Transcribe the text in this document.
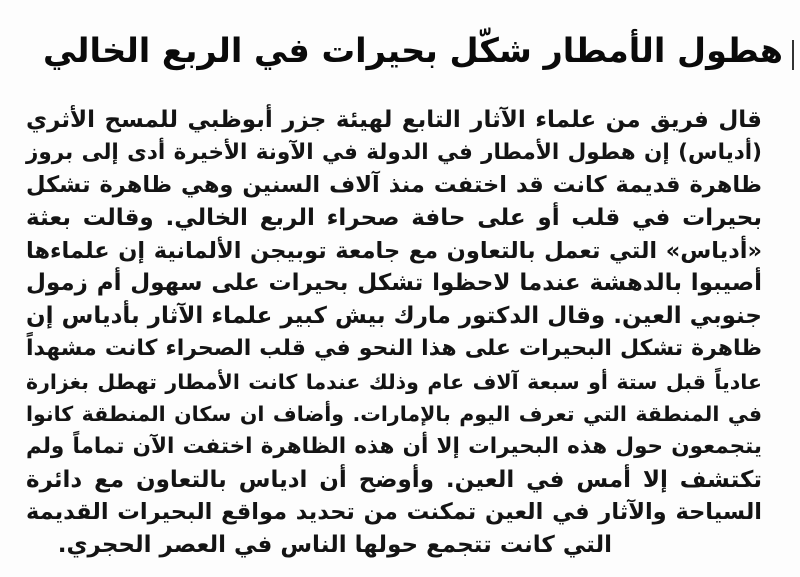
هطول الأمطار شكّل بحيرات في الربع الخالي
قال فريق من علماء الآثار التابع لهيئة جزر أبوظبي للمسح الأثري
(أدياس) إن هطول الأمطار في الدولة في الآونة الأخيرة أدى إلى بروز
ظاهرة قديمة كانت قد اختفت منذ آلاف السنين وهي ظاهرة تشكل
بحيرات في قلب أو على حافة صحراء الربع الخالي. وقالت بعثة
«أدياس» التي تعمل بالتعاون مع جامعة توبيجن الألمانية إن علماءها
أصيبوا بالدهشة عندما لاحظوا تشكل بحيرات على سهول أم زمول
جنوبي العين. وقال الدكتور مارك بيش كبير علماء الآثار بأدياس إن
ظاهرة تشكل البحيرات على هذا النحو في قلب الصحراء كانت مشهداً
عادياً قبل ستة أو سبعة آلاف عام وذلك عندما كانت الأمطار تهطل بغزارة
في المنطقة التي تعرف اليوم بالإمارات. وأضاف ان سكان المنطقة كانوا
يتجمعون حول هذه البحيرات إلا أن هذه الظاهرة اختفت الآن تماماً ولم
تكتشف إلا أمس في العين. وأوضح أن ادياس بالتعاون مع دائرة
السياحة والآثار في العين تمكنت من تحديد مواقع البحيرات القديمة
التي كانت تتجمع حولها الناس في العصر الحجري.
